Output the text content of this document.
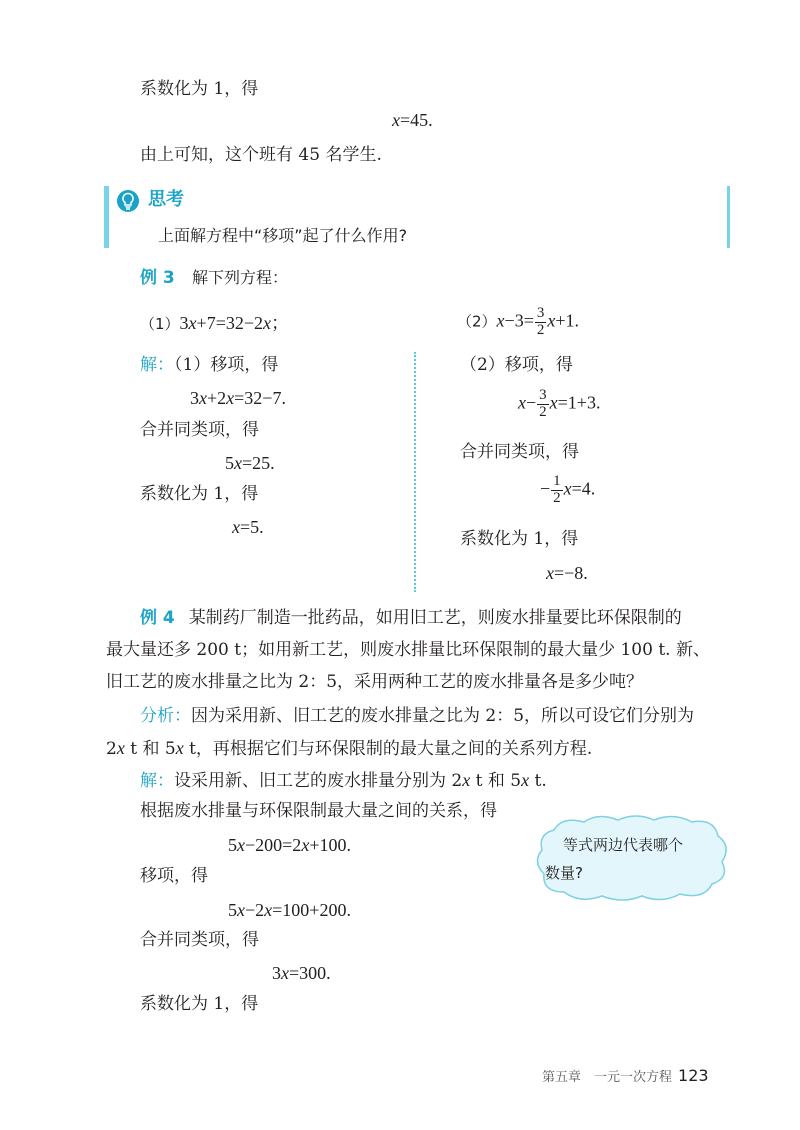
系数化为 1，得
x=45.
由上可知，这个班有 45 名学生.
思考
上面解方程中“移项”起了什么作用?
例 3 解下列方程：
（1）3x+7=32−2x；	$(2)x-3= \frac{3}{2} x+1$.
解：（1）移项，得
3x+2x=32−7.
合并同类项，得
5x=25.
系数化为 1，得
x=5.
（2）移项，得
$x- \frac{3}{2} x=1+3$.
合并同类项，得
− $\frac{1}{2} x=4$.
系数化为 1，得
x=−8.
例 4 某制药厂制造一批药品，如用旧工艺，则废水排量要比环保限制的
最大量还多 200 t；如用新工艺，则废水排量比环保限制的最大量少 100 t. 新、
旧工艺的废水排量之比为 2：5，采用两种工艺的废水排量各是多少吨？
分析：因为采用新、旧工艺的废水排量之比为 2：5，所以可设它们分别为
2x t 和 5x t，再根据它们与环保限制的最大量之间的关系列方程.
解：设采用新、旧工艺的废水排量分别为 2x t 和 5x t.
根据废水排量与环保限制最大量之间的关系，得
5x−200=2x+100.
移项，得
5x−2x=100+200.
合并同类项，得
3x=300.
系数化为 1，得
等式两边代表哪个
数量?
第五章　一元一次方程 123
